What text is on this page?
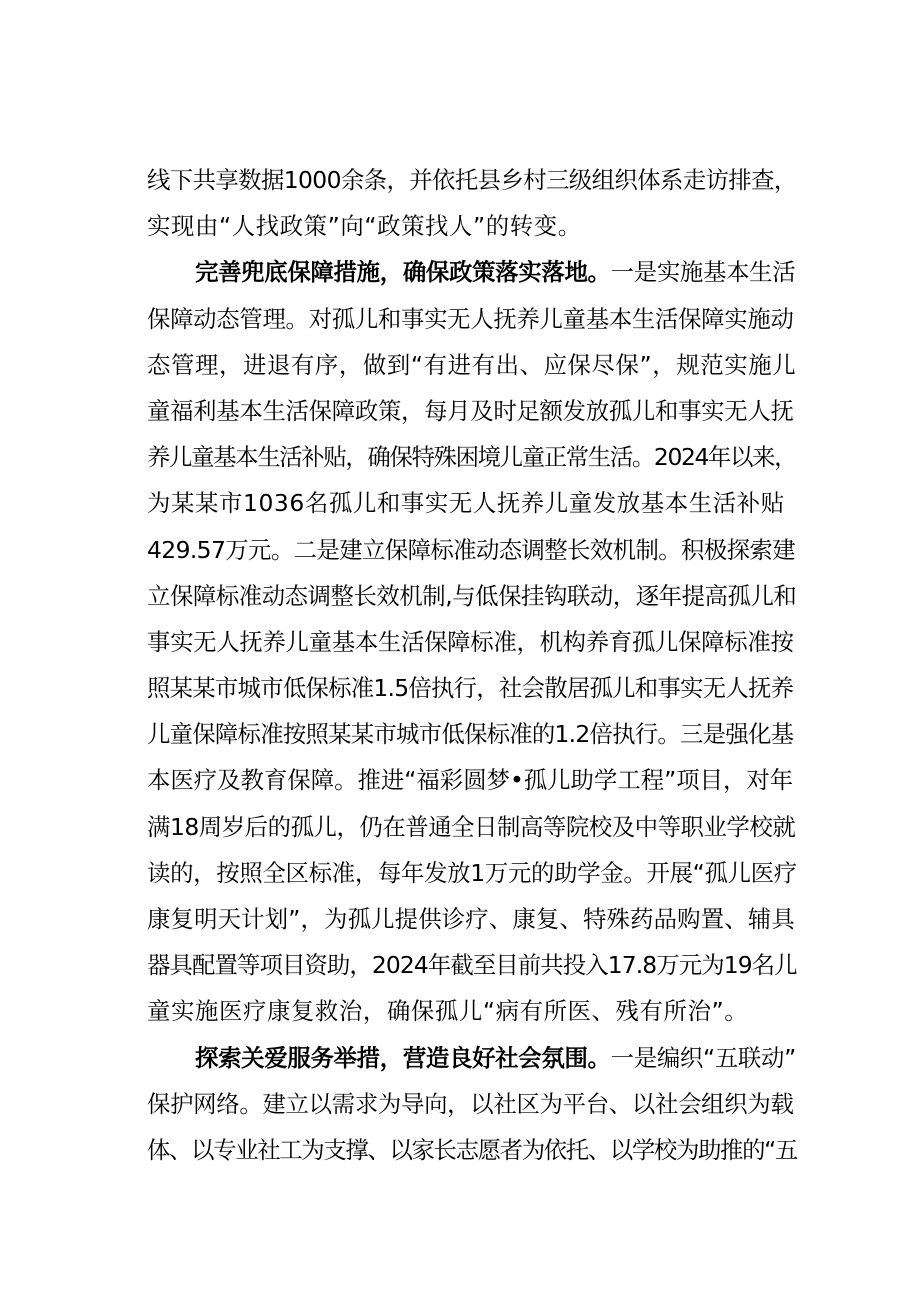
线下共享数据1000余条，并依托县乡村三级组织体系走访排查，
实现由“人找政策”向“政策找人”的转变。
完善兜底保障措施，确保政策落实落地。一是实施基本生活
保障动态管理。对孤儿和事实无人抚养儿童基本生活保障实施动
态管理，进退有序，做到“有进有出、应保尽保”，规范实施儿
童福利基本生活保障政策，每月及时足额发放孤儿和事实无人抚
养儿童基本生活补贴，确保特殊困境儿童正常生活。2024年以来，
为某某市1036名孤儿和事实无人抚养儿童发放基本生活补贴
429.57万元。二是建立保障标准动态调整长效机制。积极探索建
立保障标准动态调整长效机制,与低保挂钩联动，逐年提高孤儿和
事实无人抚养儿童基本生活保障标准，机构养育孤儿保障标准按
照某某市城市低保标准1.5倍执行，社会散居孤儿和事实无人抚养
儿童保障标准按照某某市城市低保标准的1.2倍执行。三是强化基
本医疗及教育保障。推进“福彩圆梦•孤儿助学工程”项目，对年
满18周岁后的孤儿，仍在普通全日制高等院校及中等职业学校就
读的，按照全区标准，每年发放1万元的助学金。开展“孤儿医疗
康复明天计划”，为孤儿提供诊疗、康复、特殊药品购置、辅具
器具配置等项目资助，2024年截至目前共投入17.8万元为19名儿
童实施医疗康复救治，确保孤儿“病有所医、残有所治”。
探索关爱服务举措，营造良好社会氛围。一是编织“五联动”
保护网络。建立以需求为导向，以社区为平台、以社会组织为载
体、以专业社工为支撑、以家长志愿者为依托、以学校为助推的“五
